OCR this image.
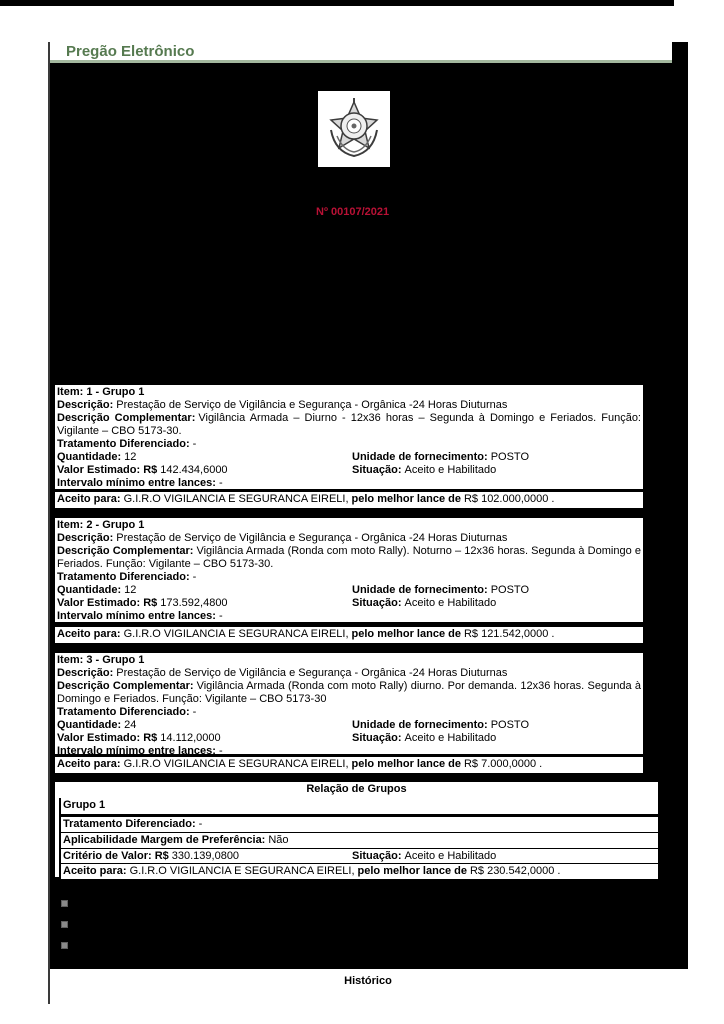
Pregão Eletrônico
Nº 00107/2021
Item: 1 - Grupo 1
Descrição: Prestação de Serviço de Vigilância e Segurança - Orgânica -24 Horas Diuturnas
Descrição Complementar: Vigilância Armada – Diurno - 12x36 horas – Segunda à Domingo e Feriados. Função: Vigilante – CBO 5173-30.
Tratamento Diferenciado: -
Quantidade: 12	Unidade de fornecimento: POSTO
Valor Estimado: R$ 142.434,6000	Situação: Aceito e Habilitado
Intervalo mínimo entre lances: -
Aceito para: G.I.R.O VIGILANCIA E SEGURANCA EIRELI, pelo melhor lance de R$ 102.000,0000 .
Item: 2 - Grupo 1
Descrição: Prestação de Serviço de Vigilância e Segurança - Orgânica -24 Horas Diuturnas
Descrição Complementar: Vigilância Armada (Ronda com moto Rally). Noturno – 12x36 horas. Segunda à Domingo e Feriados. Função: Vigilante – CBO 5173-30.
Tratamento Diferenciado: -
Quantidade: 12	Unidade de fornecimento: POSTO
Valor Estimado: R$ 173.592,4800	Situação: Aceito e Habilitado
Intervalo mínimo entre lances: -
Aceito para: G.I.R.O VIGILANCIA E SEGURANCA EIRELI, pelo melhor lance de R$ 121.542,0000 .
Item: 3 - Grupo 1
Descrição: Prestação de Serviço de Vigilância e Segurança - Orgânica -24 Horas Diuturnas
Descrição Complementar: Vigilância Armada (Ronda com moto Rally) diurno. Por demanda. 12x36 horas. Segunda à Domingo e Feriados. Função: Vigilante – CBO 5173-30
Tratamento Diferenciado: -
Quantidade: 24	Unidade de fornecimento: POSTO
Valor Estimado: R$ 14.112,0000	Situação: Aceito e Habilitado
Intervalo mínimo entre lances: -
Aceito para: G.I.R.O VIGILANCIA E SEGURANCA EIRELI, pelo melhor lance de R$ 7.000,0000 .
Relação de Grupos
Grupo 1
Tratamento Diferenciado: -
Aplicabilidade Margem de Preferência: Não
Critério de Valor: R$ 330.139,0800	Situação: Aceito e Habilitado
Aceito para: G.I.R.O VIGILANCIA E SEGURANCA EIRELI, pelo melhor lance de R$ 230.542,0000 .
Histórico
